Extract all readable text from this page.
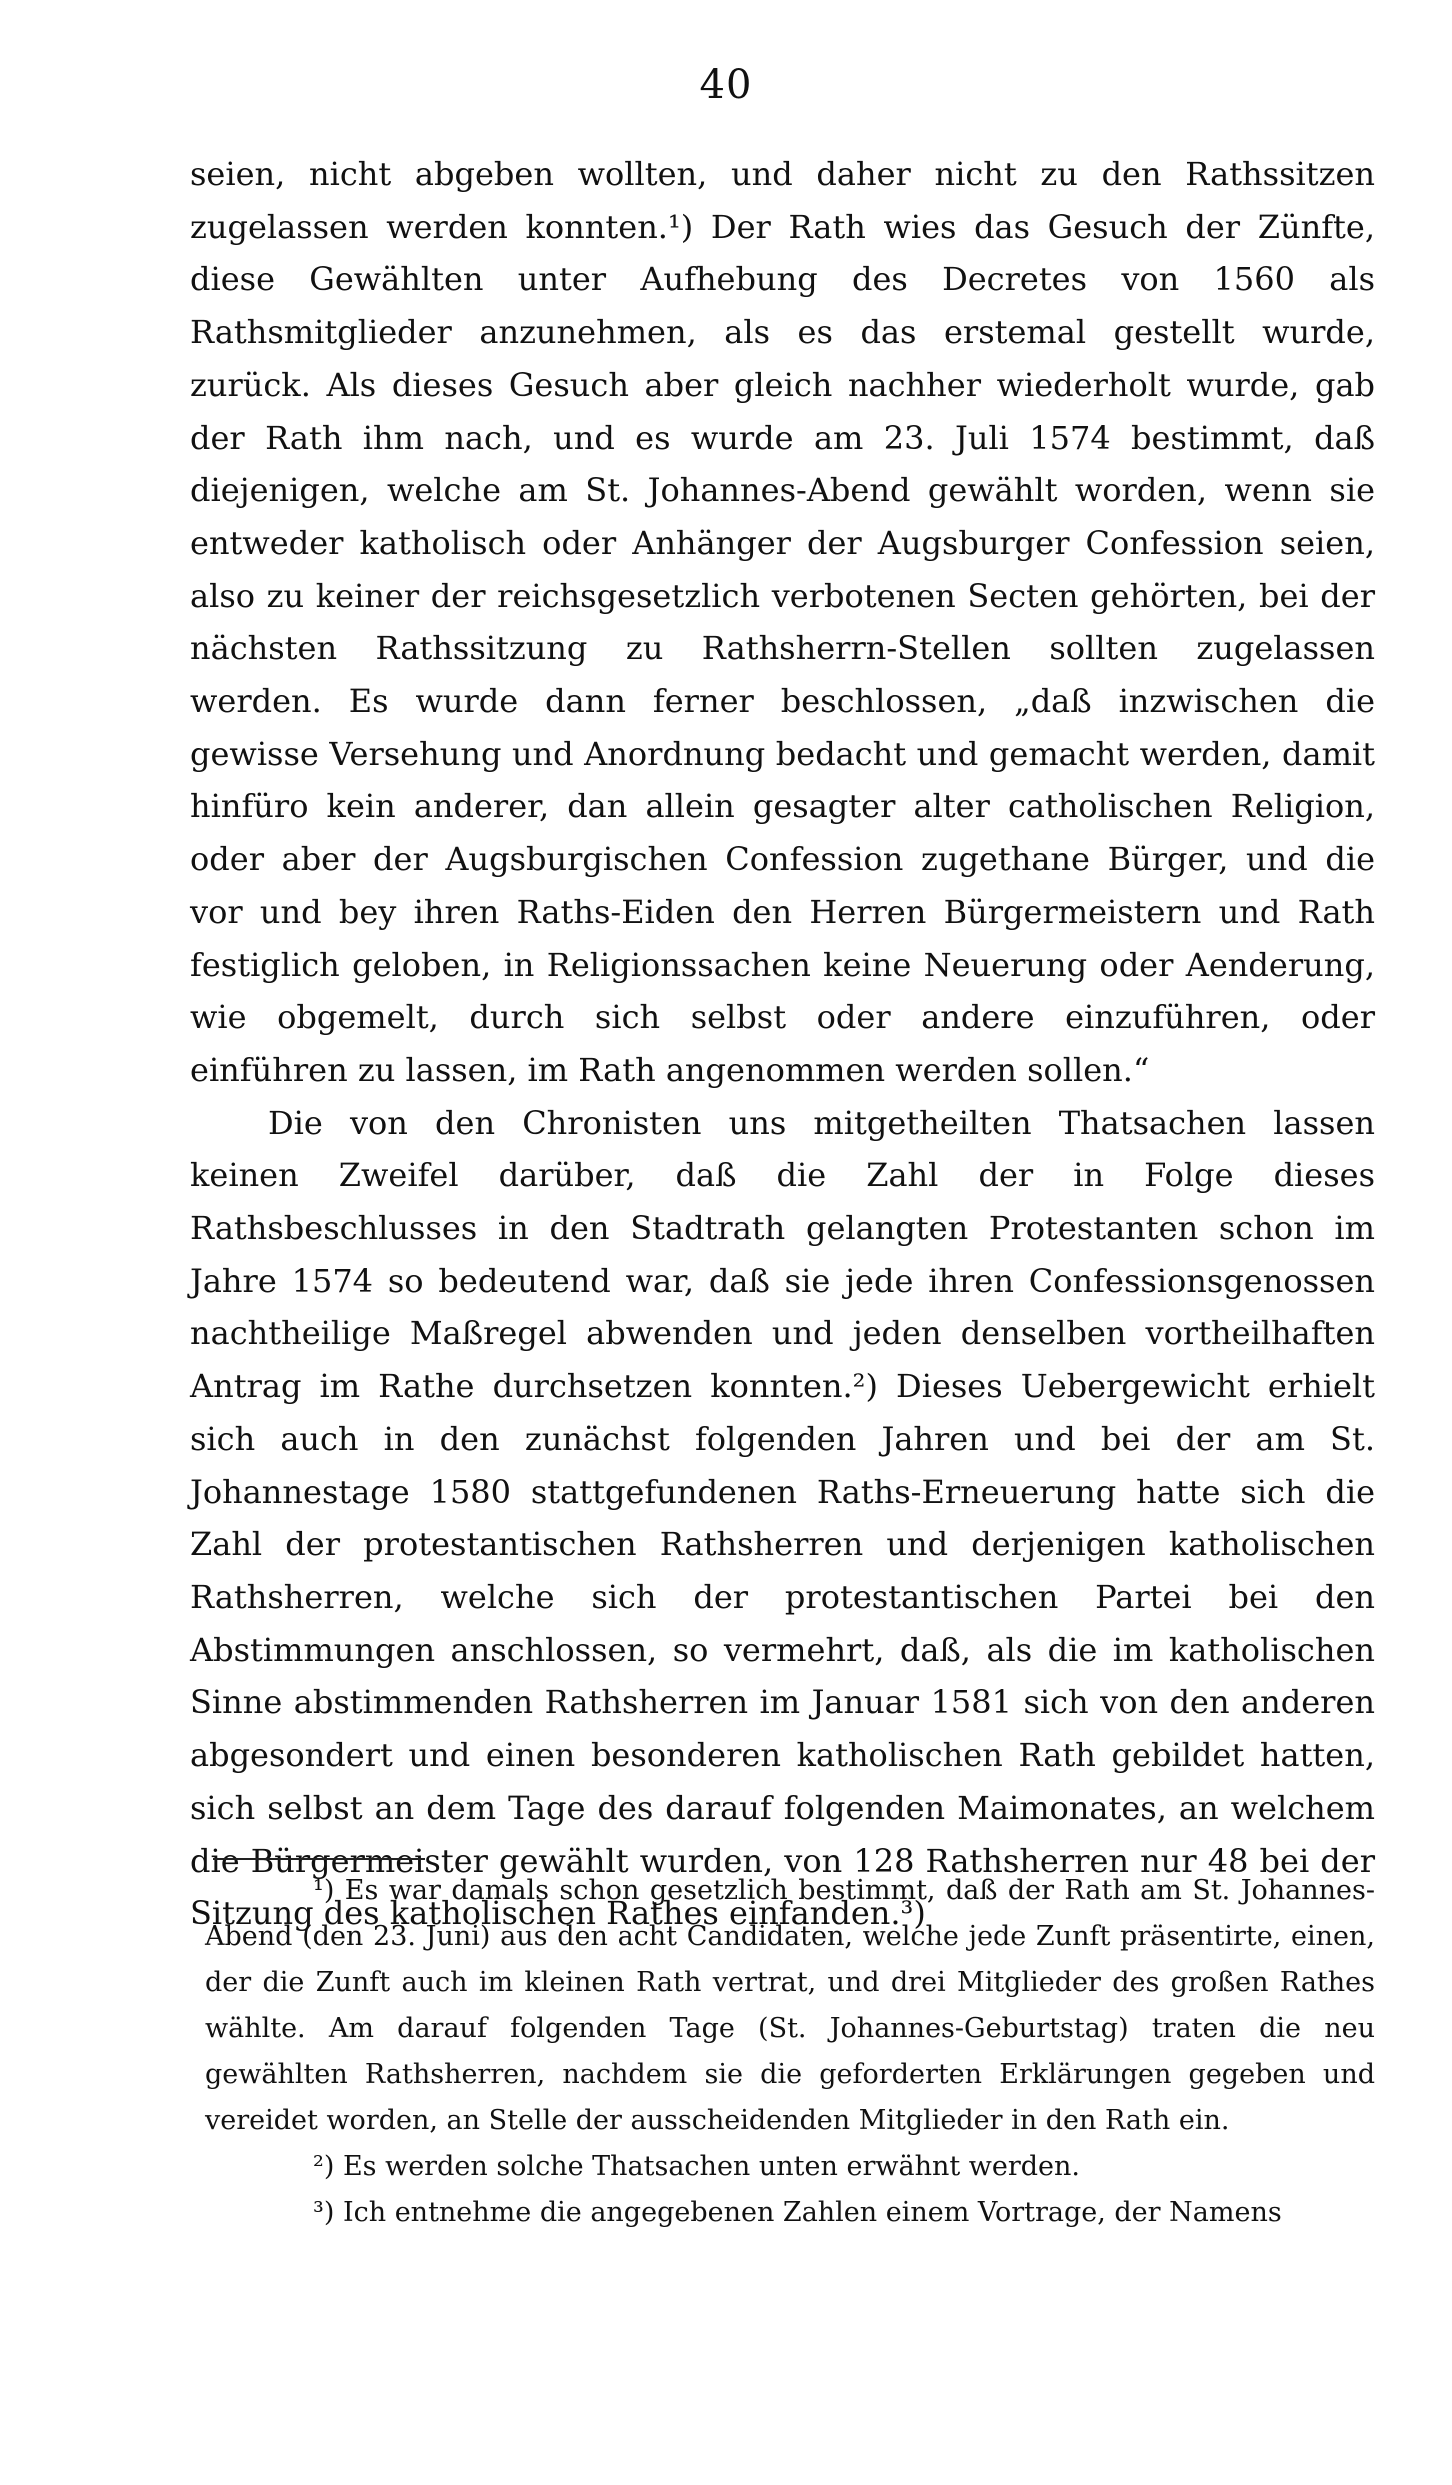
40

seien, nicht abgeben wollten, und daher nicht zu den Rathssitzen zugelassen werden konnten.¹) Der Rath wies das Gesuch der Zünfte, diese Gewählten unter Aufhebung des Decretes von 1560 als Rathsmitglieder anzunehmen, als es das erstemal gestellt wurde, zurück. Als dieses Gesuch aber gleich nachher wiederholt wurde, gab der Rath ihm nach, und es wurde am 23. Juli 1574 bestimmt, daß diejenigen, welche am St. Johannes-Abend gewählt worden, wenn sie entweder katholisch oder Anhänger der Augsburger Confession seien, also zu keiner der reichsgesetzlich verbotenen Secten gehörten, bei der nächsten Rathssitzung zu Rathsherrn-Stellen sollten zugelassen werden. Es wurde dann ferner beschlossen, „daß inzwischen die gewisse Versehung und Anordnung bedacht und gemacht werden, damit hinfüro kein anderer, dan allein gesagter alter catholischen Religion, oder aber der Augsburgischen Confession zugethane Bürger, und die vor und bey ihren Raths-Eiden den Herren Bürgermeistern und Rath festiglich geloben, in Religionssachen keine Neuerung oder Aenderung, wie obgemelt, durch sich selbst oder andere einzuführen, oder einführen zu lassen, im Rath angenommen werden sollen.“

Die von den Chronisten uns mitgetheilten Thatsachen lassen keinen Zweifel darüber, daß die Zahl der in Folge dieses Rathsbeschlusses in den Stadtrath gelangten Protestanten schon im Jahre 1574 so bedeutend war, daß sie jede ihren Confessionsgenossen nachtheilige Maßregel abwenden und jeden denselben vortheilhaften Antrag im Rathe durchsetzen konnten.²) Dieses Uebergewicht erhielt sich auch in den zunächst folgenden Jahren und bei der am St. Johannestage 1580 stattgefundenen Raths-Erneuerung hatte sich die Zahl der protestantischen Rathsherren und derjenigen katholischen Rathsherren, welche sich der protestantischen Partei bei den Abstimmungen anschlossen, so vermehrt, daß, als die im katholischen Sinne abstimmenden Rathsherren im Januar 1581 sich von den anderen abgesondert und einen besonderen katholischen Rath gebildet hatten, sich selbst an dem Tage des darauf folgenden Maimonates, an welchem die Bürgermeister gewählt wurden, von 128 Rathsherren nur 48 bei der Sitzung des katholischen Rathes einfanden.³)

¹) Es war damals schon gesetzlich bestimmt, daß der Rath am St. Johannes-Abend (den 23. Juni) aus den acht Candidaten, welche jede Zunft präsentirte, einen, der die Zunft auch im kleinen Rath vertrat, und drei Mitglieder des großen Rathes wählte. Am darauf folgenden Tage (St. Johannes-Geburtstag) traten die neu gewählten Rathsherren, nachdem sie die geforderten Erklärungen gegeben und vereidet worden, an Stelle der ausscheidenden Mitglieder in den Rath ein.

²) Es werden solche Thatsachen unten erwähnt werden.

³) Ich entnehme die angegebenen Zahlen einem Vortrage, der Namens
